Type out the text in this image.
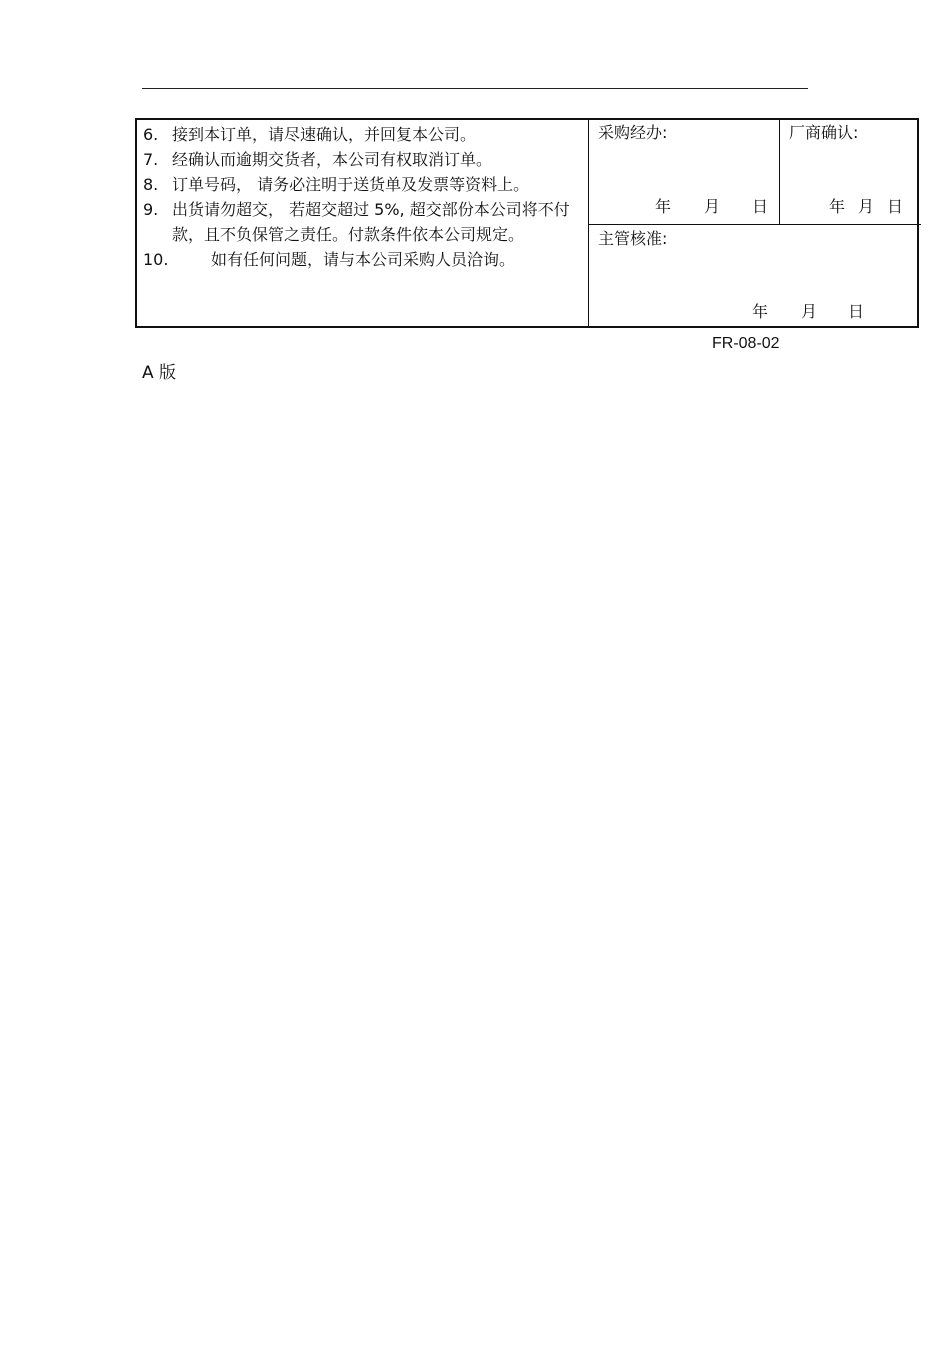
6. 接到本订单，请尽速确认，并回复本公司。
7. 经确认而逾期交货者，本公司有权取消订单。
8. 订单号码， 请务必注明于送货单及发票等资料上。
9. 出货请勿超交， 若超交超过 5%, 超交部份本公司将不付款，且不负保管之责任。付款条件依本公司规定。
10.	如有任何问题，请与本公司采购人员洽询。
采购经办:
年 月 日
厂商确认:
年 月 日
主管核准:
年 月 日
FR-08-02
A 版
